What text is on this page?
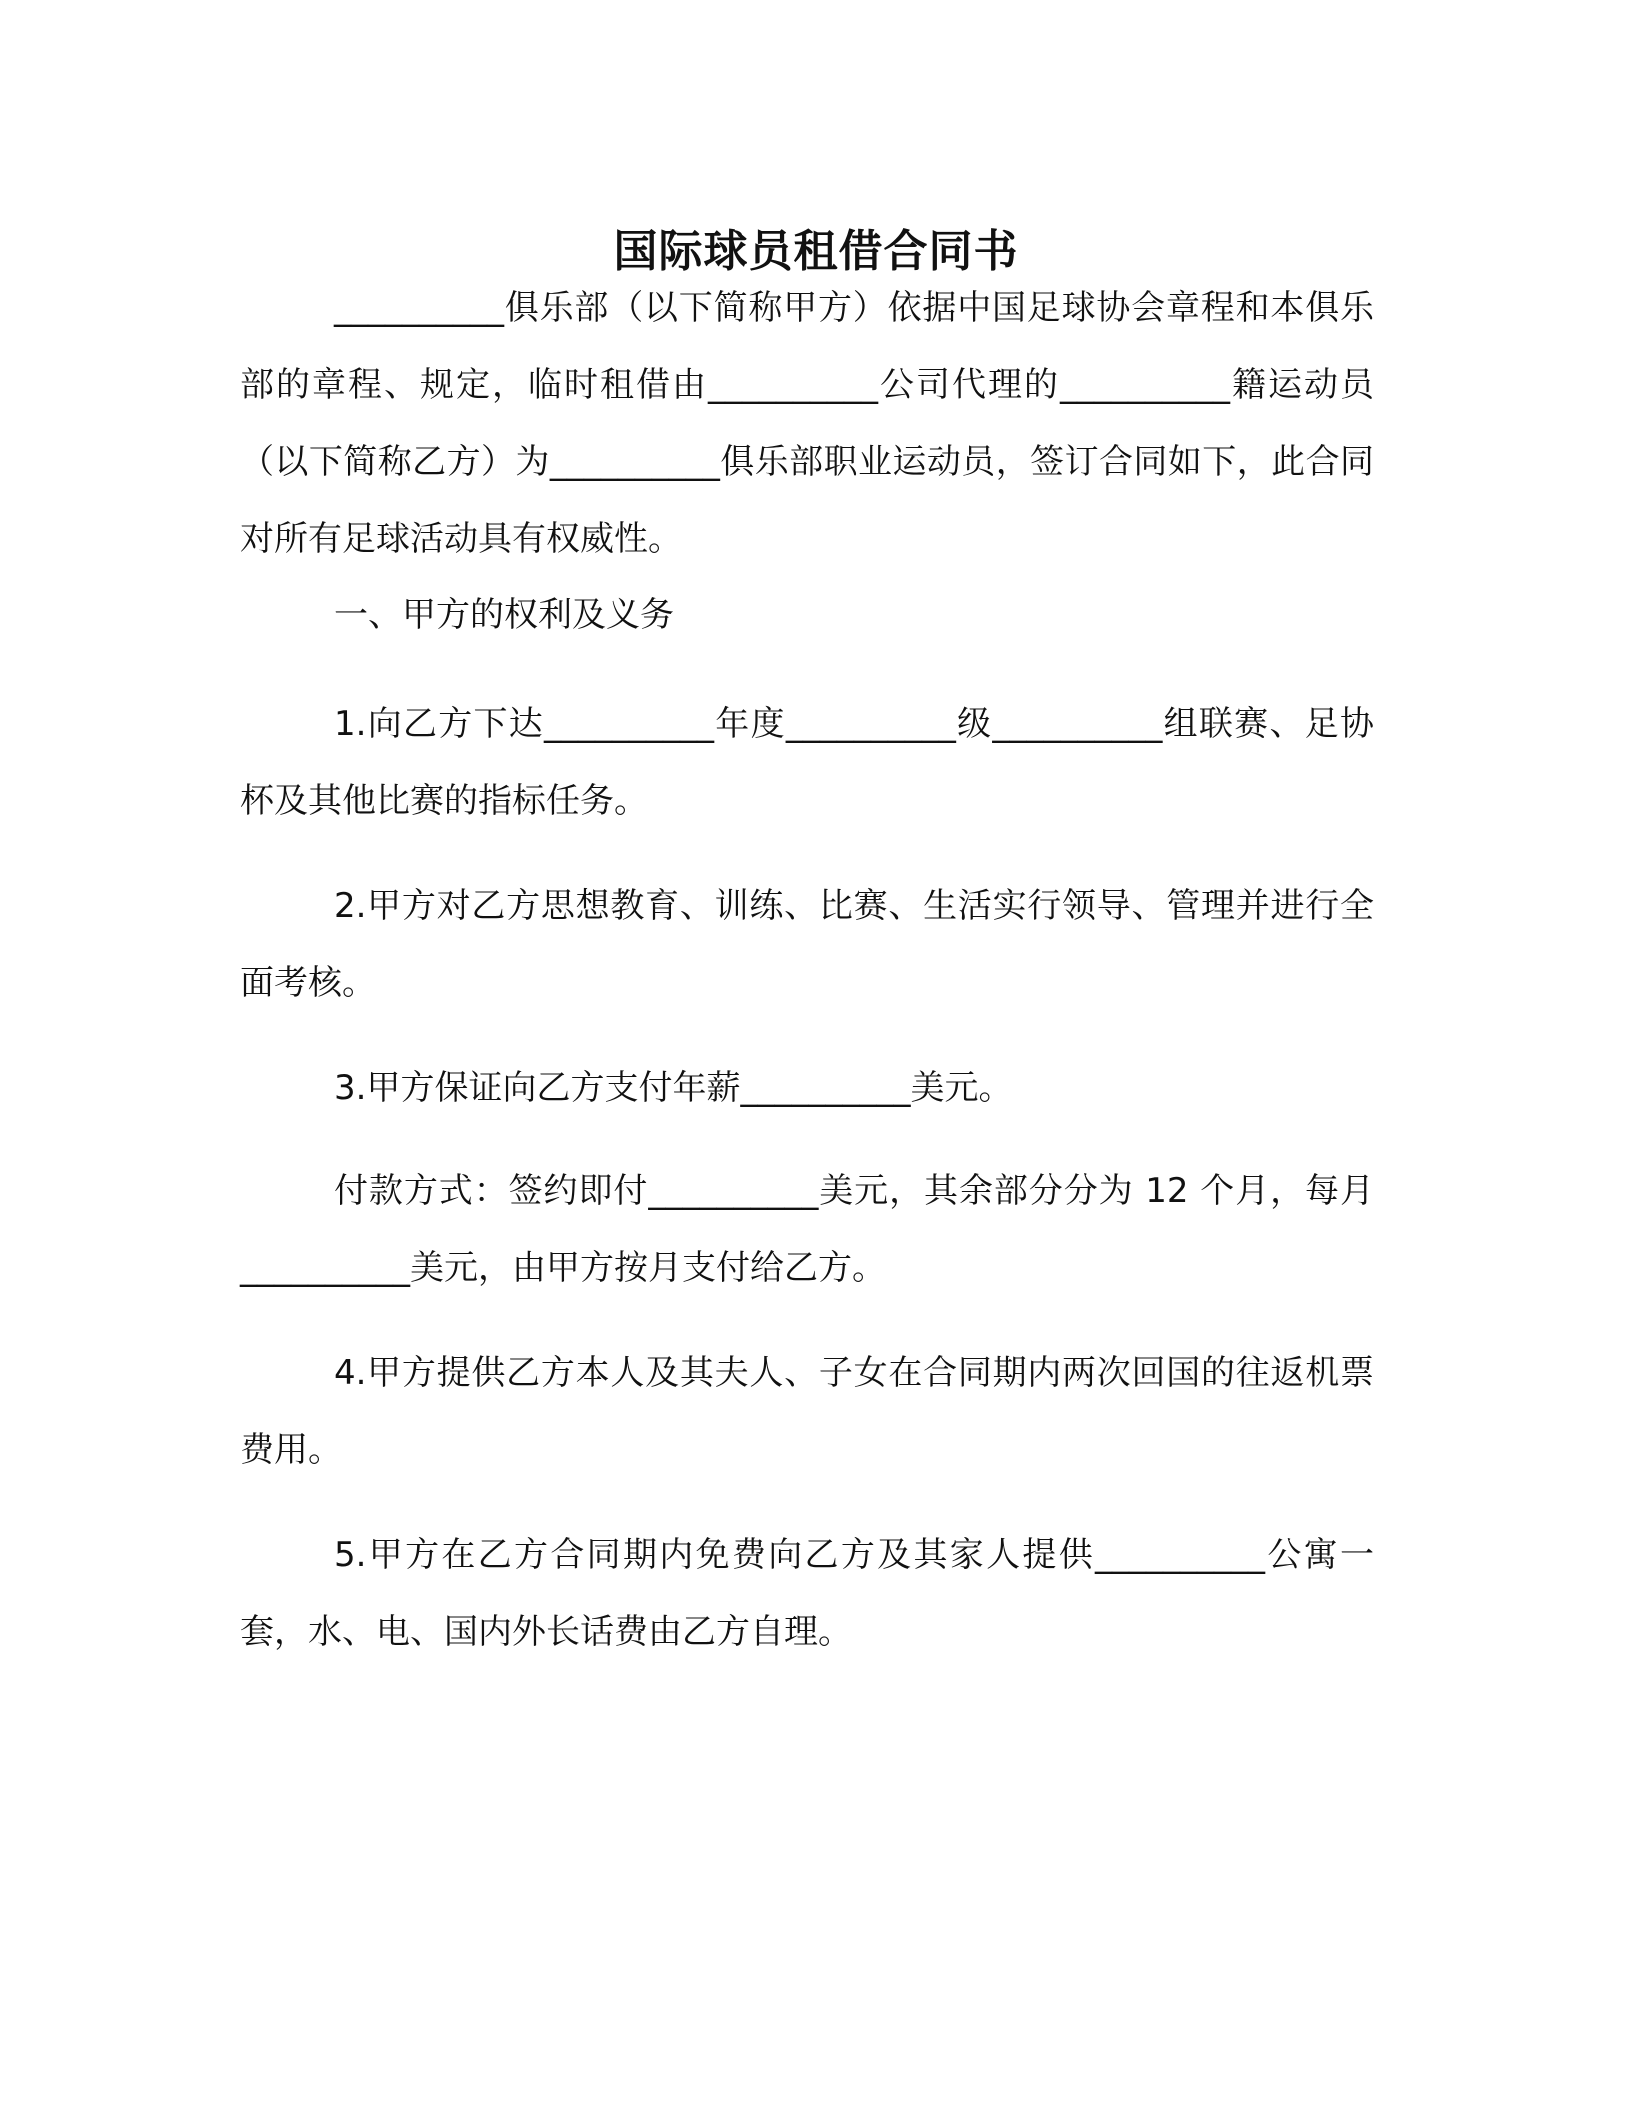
国际球员租借合同书

__________俱乐部（以下简称甲方）依据中国足球协会章程和本俱乐部的章程、规定，临时租借由__________公司代理的__________籍运动员（以下简称乙方）为__________俱乐部职业运动员，签订合同如下，此合同对所有足球活动具有权威性。

一、甲方的权利及义务

1.向乙方下达__________年度__________级__________组联赛、足协杯及其他比赛的指标任务。

2.甲方对乙方思想教育、训练、比赛、生活实行领导、管理并进行全面考核。

3.甲方保证向乙方支付年薪__________美元。

付款方式：签约即付__________美元，其余部分分为 12 个月，每月__________美元，由甲方按月支付给乙方。

4.甲方提供乙方本人及其夫人、子女在合同期内两次回国的往返机票费用。

5.甲方在乙方合同期内免费向乙方及其家人提供__________公寓一套，水、电、国内外长话费由乙方自理。
